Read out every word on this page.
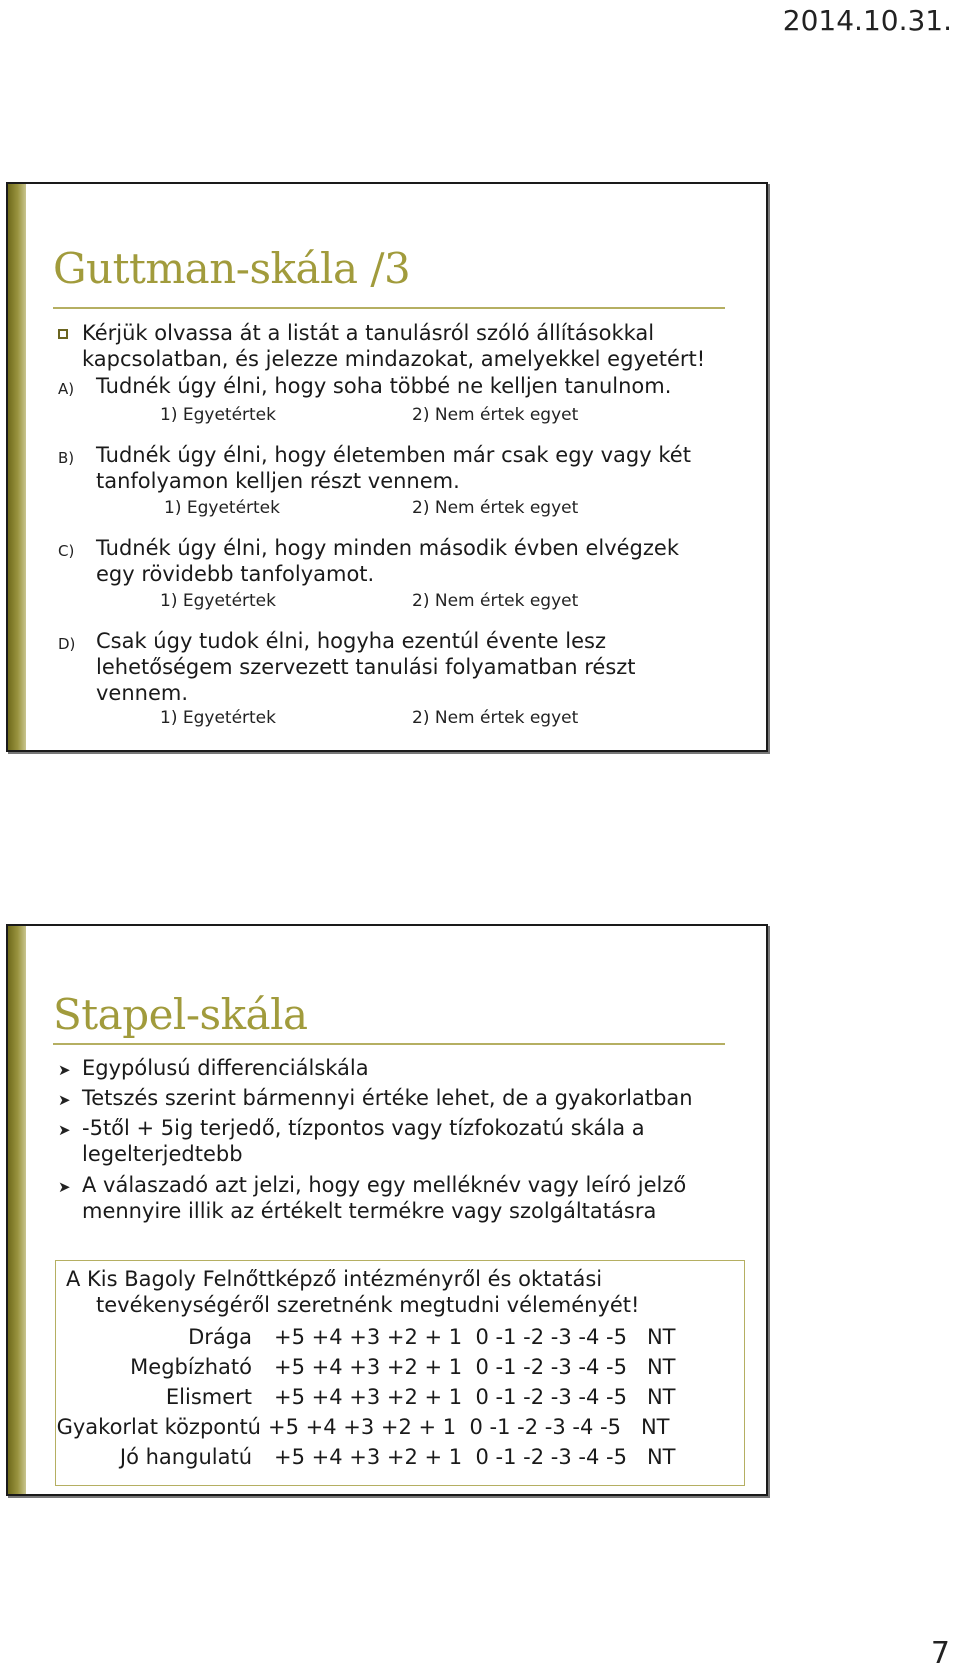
2014.10.31.
Guttman-skála /3
Kérjük olvassa át a listát a tanulásról szóló állításokkal
kapcsolatban, és jelezze mindazokat, amelyekkel egyetért!
A) Tudnék úgy élni, hogy soha többé ne kelljen tanulnom.
1) Egyetértek	2) Nem értek egyet
B) Tudnék úgy élni, hogy életemben már csak egy vagy két
tanfolyamon kelljen részt vennem.
1) Egyetértek	2) Nem értek egyet
C) Tudnék úgy élni, hogy minden második évben elvégzek
egy rövidebb tanfolyamot.
1) Egyetértek	2) Nem értek egyet
D) Csak úgy tudok élni, hogyha ezentúl évente lesz
lehetőségem szervezett tanulási folyamatban részt
vennem.
1) Egyetértek	2) Nem értek egyet
Stapel-skála
➤ Egypólusú differenciálskála
➤ Tetszés szerint bármennyi értéke lehet, de a gyakorlatban
➤ -5től + 5ig terjedő, tízpontos vagy tízfokozatú skála a
legelterjedtebb
➤ A válaszadó azt jelzi, hogy egy melléknév vagy leíró jelző
mennyire illik az értékelt termékre vagy szolgáltatásra
A Kis Bagoly Felnőttképző intézményről és oktatási
tevékenységéről szeretnénk megtudni véleményét!
Drága +5 +4 +3 +2 + 1  0 -1 -2 -3 -4 -5   NT
Megbízható +5 +4 +3 +2 + 1  0 -1 -2 -3 -4 -5   NT
Elismert +5 +4 +3 +2 + 1  0 -1 -2 -3 -4 -5   NT
Gyakorlat központú +5 +4 +3 +2 + 1  0 -1 -2 -3 -4 -5   NT
Jó hangulatú +5 +4 +3 +2 + 1  0 -1 -2 -3 -4 -5   NT
7
